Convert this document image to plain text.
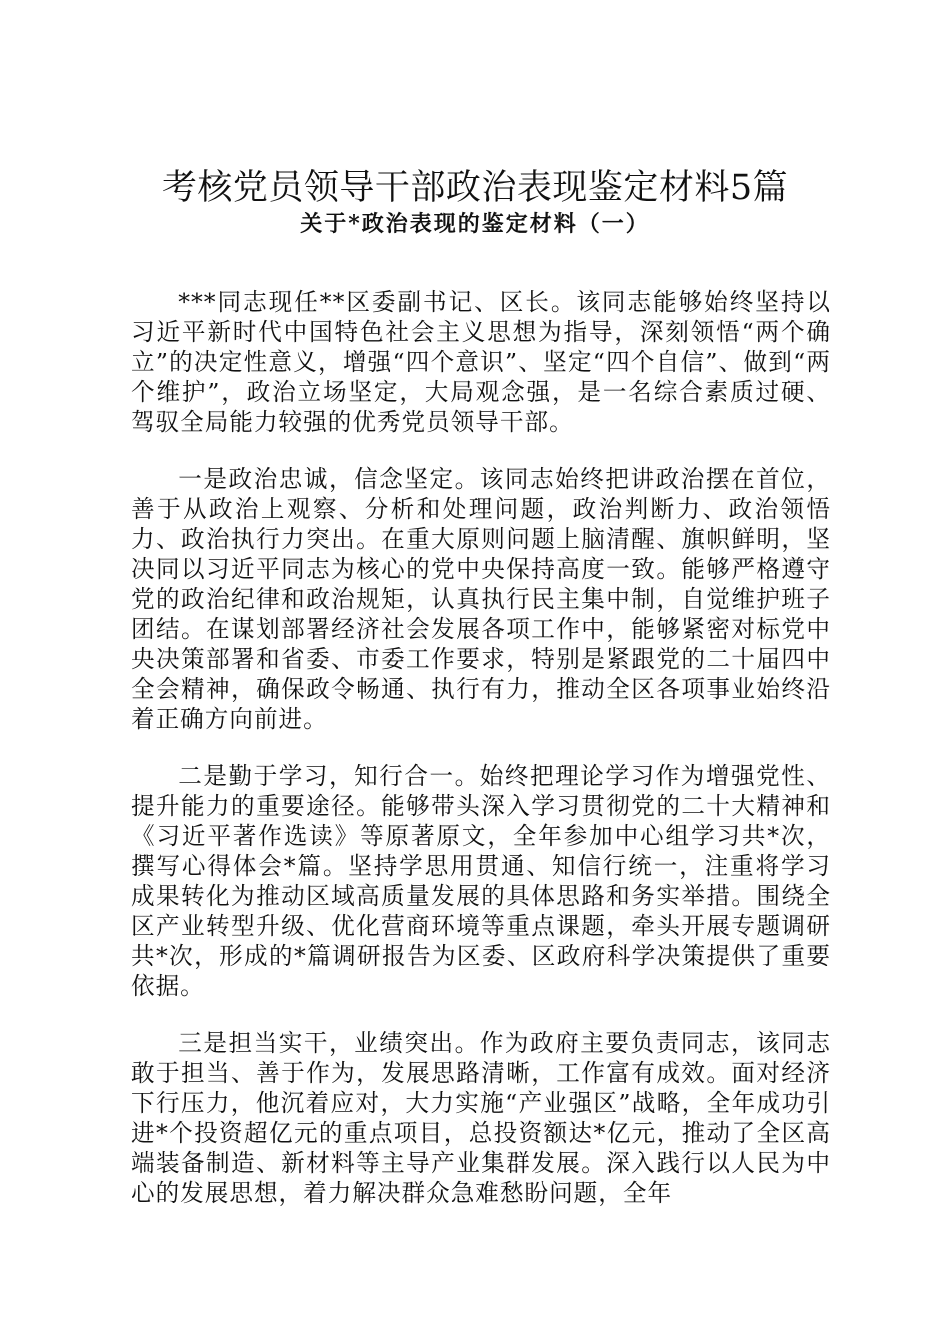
考核党员领导干部政治表现鉴定材料5篇
关于*政治表现的鉴定材料（一）

***同志现任**区委副书记、区长。该同志能够始终坚持以习近平新时代中国特色社会主义思想为指导，深刻领悟“两个确立”的决定性意义，增强“四个意识”、坚定“四个自信”、做到“两个维护”，政治立场坚定，大局观念强，是一名综合素质过硬、驾驭全局能力较强的优秀党员领导干部。

一是政治忠诚，信念坚定。该同志始终把讲政治摆在首位，善于从政治上观察、分析和处理问题，政治判断力、政治领悟力、政治执行力突出。在重大原则问题上脑清醒、旗帜鲜明，坚决同以习近平同志为核心的党中央保持高度一致。能够严格遵守党的政治纪律和政治规矩，认真执行民主集中制，自觉维护班子团结。在谋划部署经济社会发展各项工作中，能够紧密对标党中央决策部署和省委、市委工作要求，特别是紧跟党的二十届四中全会精神，确保政令畅通、执行有力，推动全区各项事业始终沿着正确方向前进。

二是勤于学习，知行合一。始终把理论学习作为增强党性、提升能力的重要途径。能够带头深入学习贯彻党的二十大精神和《习近平著作选读》等原著原文，全年参加中心组学习共*次，撰写心得体会*篇。坚持学思用贯通、知信行统一，注重将学习成果转化为推动区域高质量发展的具体思路和务实举措。围绕全区产业转型升级、优化营商环境等重点课题，牵头开展专题调研共*次，形成的*篇调研报告为区委、区政府科学决策提供了重要依据。

三是担当实干，业绩突出。作为政府主要负责同志，该同志敢于担当、善于作为，发展思路清晰，工作富有成效。面对经济下行压力，他沉着应对，大力实施“产业强区”战略，全年成功引进*个投资超亿元的重点项目，总投资额达*亿元，推动了全区高端装备制造、新材料等主导产业集群发展。深入践行以人民为中心的发展思想，着力解决群众急难愁盼问题，全年
